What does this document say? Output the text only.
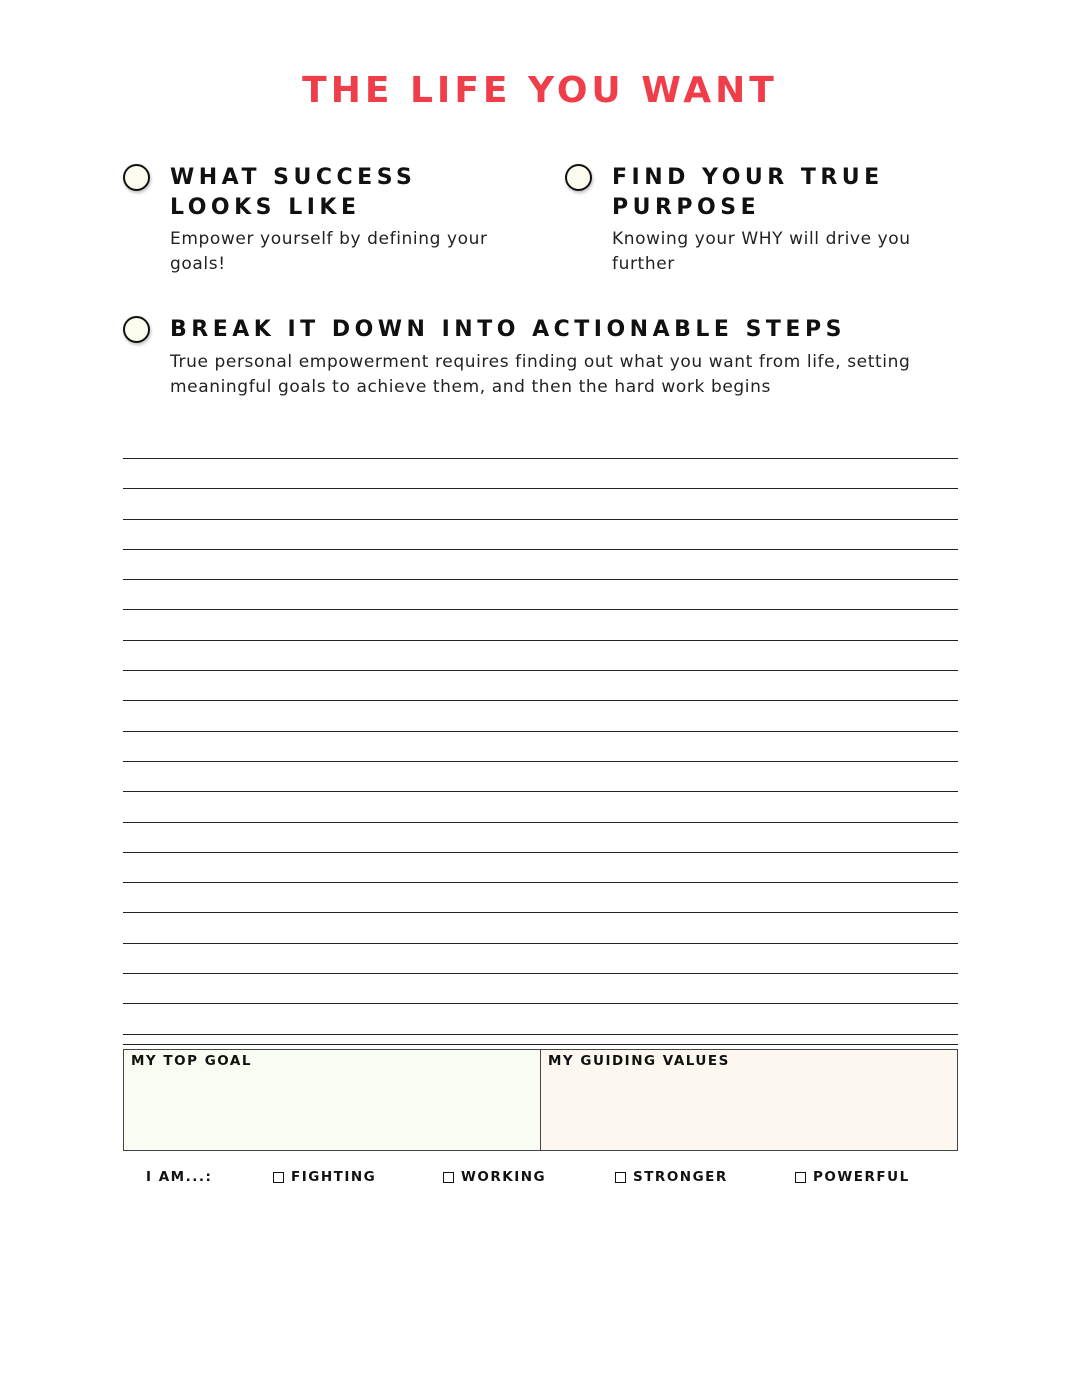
THE LIFE YOU WANT
WHAT SUCCESS LOOKS LIKE

Empower yourself by defining your goals!

FIND YOUR TRUE PURPOSE

Knowing your WHY will drive you further

BREAK IT DOWN INTO ACTIONABLE STEPS

True personal empowerment requires finding out what you want from life, setting meaningful goals to achieve them, and then the hard work begins

MY TOP GOAL	MY GUIDING VALUES
I AM...:	FIGHTING	WORKING	STRONGER	POWERFUL
